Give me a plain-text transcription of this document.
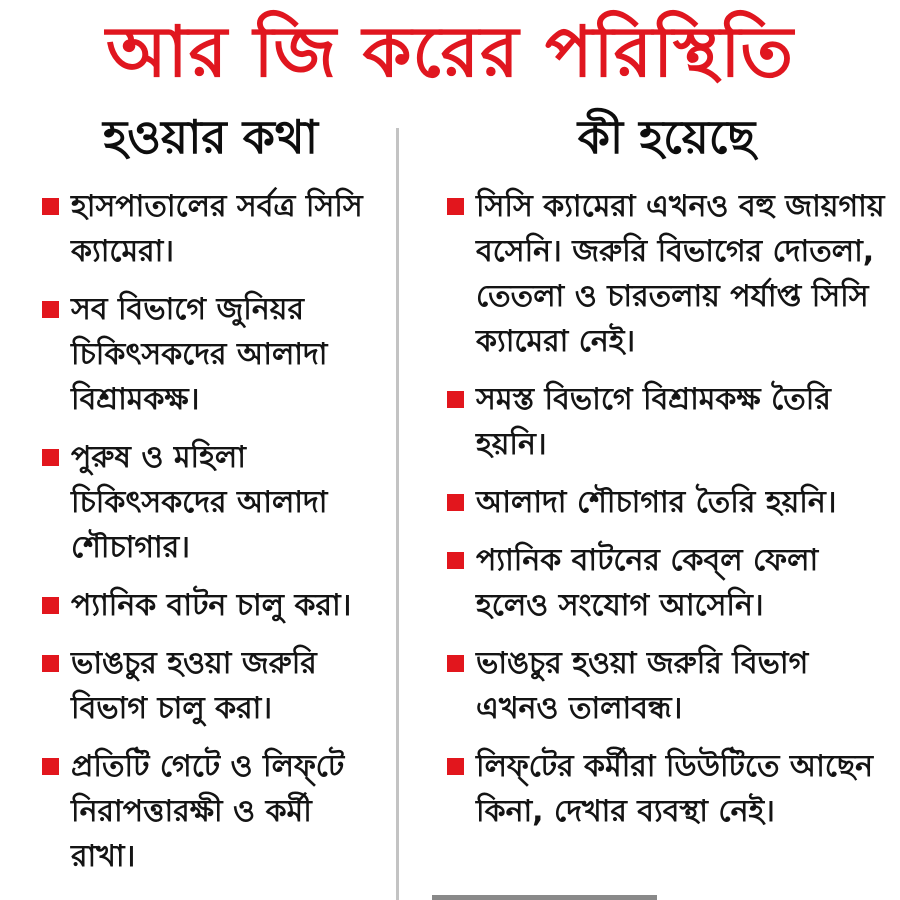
আর জি করের পরিস্থিতি
হওয়ার কথা
হাসপাতালের সর্বত্র সিসি ক্যামেরা।
সব বিভাগে জুনিয়র চিকিৎসকদের আলাদা বিশ্রামকক্ষ।
পুরুষ ও মহিলা চিকিৎসকদের আলাদা শৌচাগার।
প্যানিক বাটন চালু করা।
ভাঙচুর হওয়া জরুরি বিভাগ চালু করা।
প্রতিটি গেটে ও লিফ্‌টে নিরাপত্তারক্ষী ও কর্মী রাখা।
কী হয়েছে
সিসি ক্যামেরা এখনও বহু জায়গায় বসেনি। জরুরি বিভাগের দোতলা, তেতলা ও চারতলায় পর্যাপ্ত সিসি ক্যামেরা নেই।
সমস্ত বিভাগে বিশ্রামকক্ষ তৈরি হয়নি।
আলাদা শৌচাগার তৈরি হয়নি।
প্যানিক বাটনের কেব্‌ল ফেলা হলেও সংযোগ আসেনি।
ভাঙচুর হওয়া জরুরি বিভাগ এখনও তালাবন্ধ।
লিফ্‌টের কর্মীরা ডিউটিতে আছেন কিনা, দেখার ব্যবস্থা নেই।
